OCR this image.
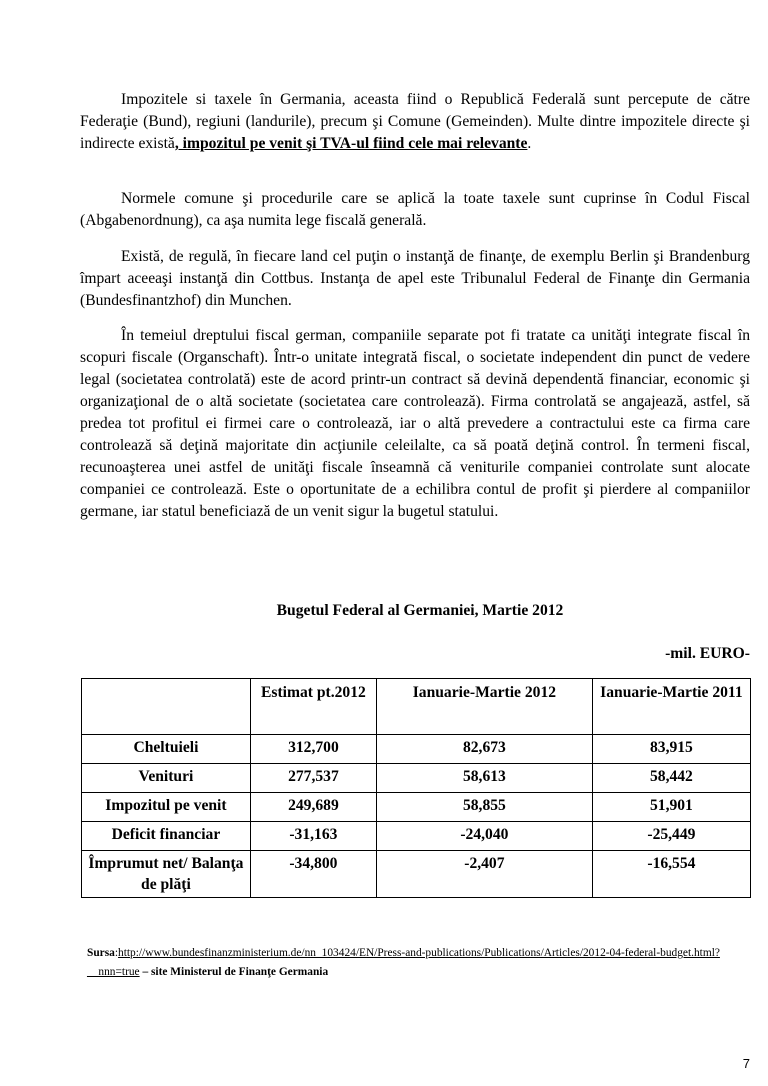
Impozitele si taxele în Germania, aceasta fiind o Republică Federală sunt percepute de către Federaţie (Bund), regiuni (landurile), precum şi Comune (Gemeinden). Multe dintre impozitele directe şi indirecte există, impozitul pe venit şi TVA-ul fiind cele mai relevante.

Normele comune şi procedurile care se aplică la toate taxele sunt cuprinse în Codul Fiscal (Abgabenordnung), ca aşa numita lege fiscală generală.

Există, de regulă, în fiecare land cel puţin o instanţă de finanţe, de exemplu Berlin şi Brandenburg împart aceeaşi instanţă din Cottbus. Instanţa de apel este Tribunalul Federal de Finanţe din Germania (Bundesfinantzhof) din Munchen.

În temeiul dreptului fiscal german, companiile separate pot fi tratate ca unităţi integrate fiscal în scopuri fiscale (Organschaft). Într-o unitate integrată fiscal, o societate independent din punct de vedere legal (societatea controlată) este de acord printr-un contract să devină dependentă financiar, economic şi organizaţional de o altă societate (societatea care controlează). Firma controlată se angajează, astfel, să predea tot profitul ei firmei care o controlează, iar o altă prevedere a contractului este ca firma care controlează să deţină majoritate din acţiunile celeilalte, ca să poată deţină control. În termeni fiscal, recunoaşterea unei astfel de unităţi fiscale înseamnă că veniturile companiei controlate sunt alocate companiei ce controlează. Este o oportunitate de a echilibra contul de profit şi pierdere al companiilor germane, iar statul beneficiază de un venit sigur la bugetul statului.

Bugetul Federal al Germaniei, Martie 2012
-mil. EURO-
	Estimat pt.2012	Ianuarie-Martie 2012	Ianuarie-Martie 2011
Cheltuieli	312,700	82,673	83,915
Venituri	277,537	58,613	58,442
Impozitul pe venit	249,689	58,855	51,901
Deficit financiar	-31,163	-24,040	-25,449
Împrumut net/ Balanţa de plăţi	-34,800	-2,407	-16,554
Sursa:http://www.bundesfinanzministerium.de/nn_103424/EN/Press-and-publications/Publications/Articles/2012-04-federal-budget.html?__nnn=true – site Ministerul de Finanţe Germania
7
